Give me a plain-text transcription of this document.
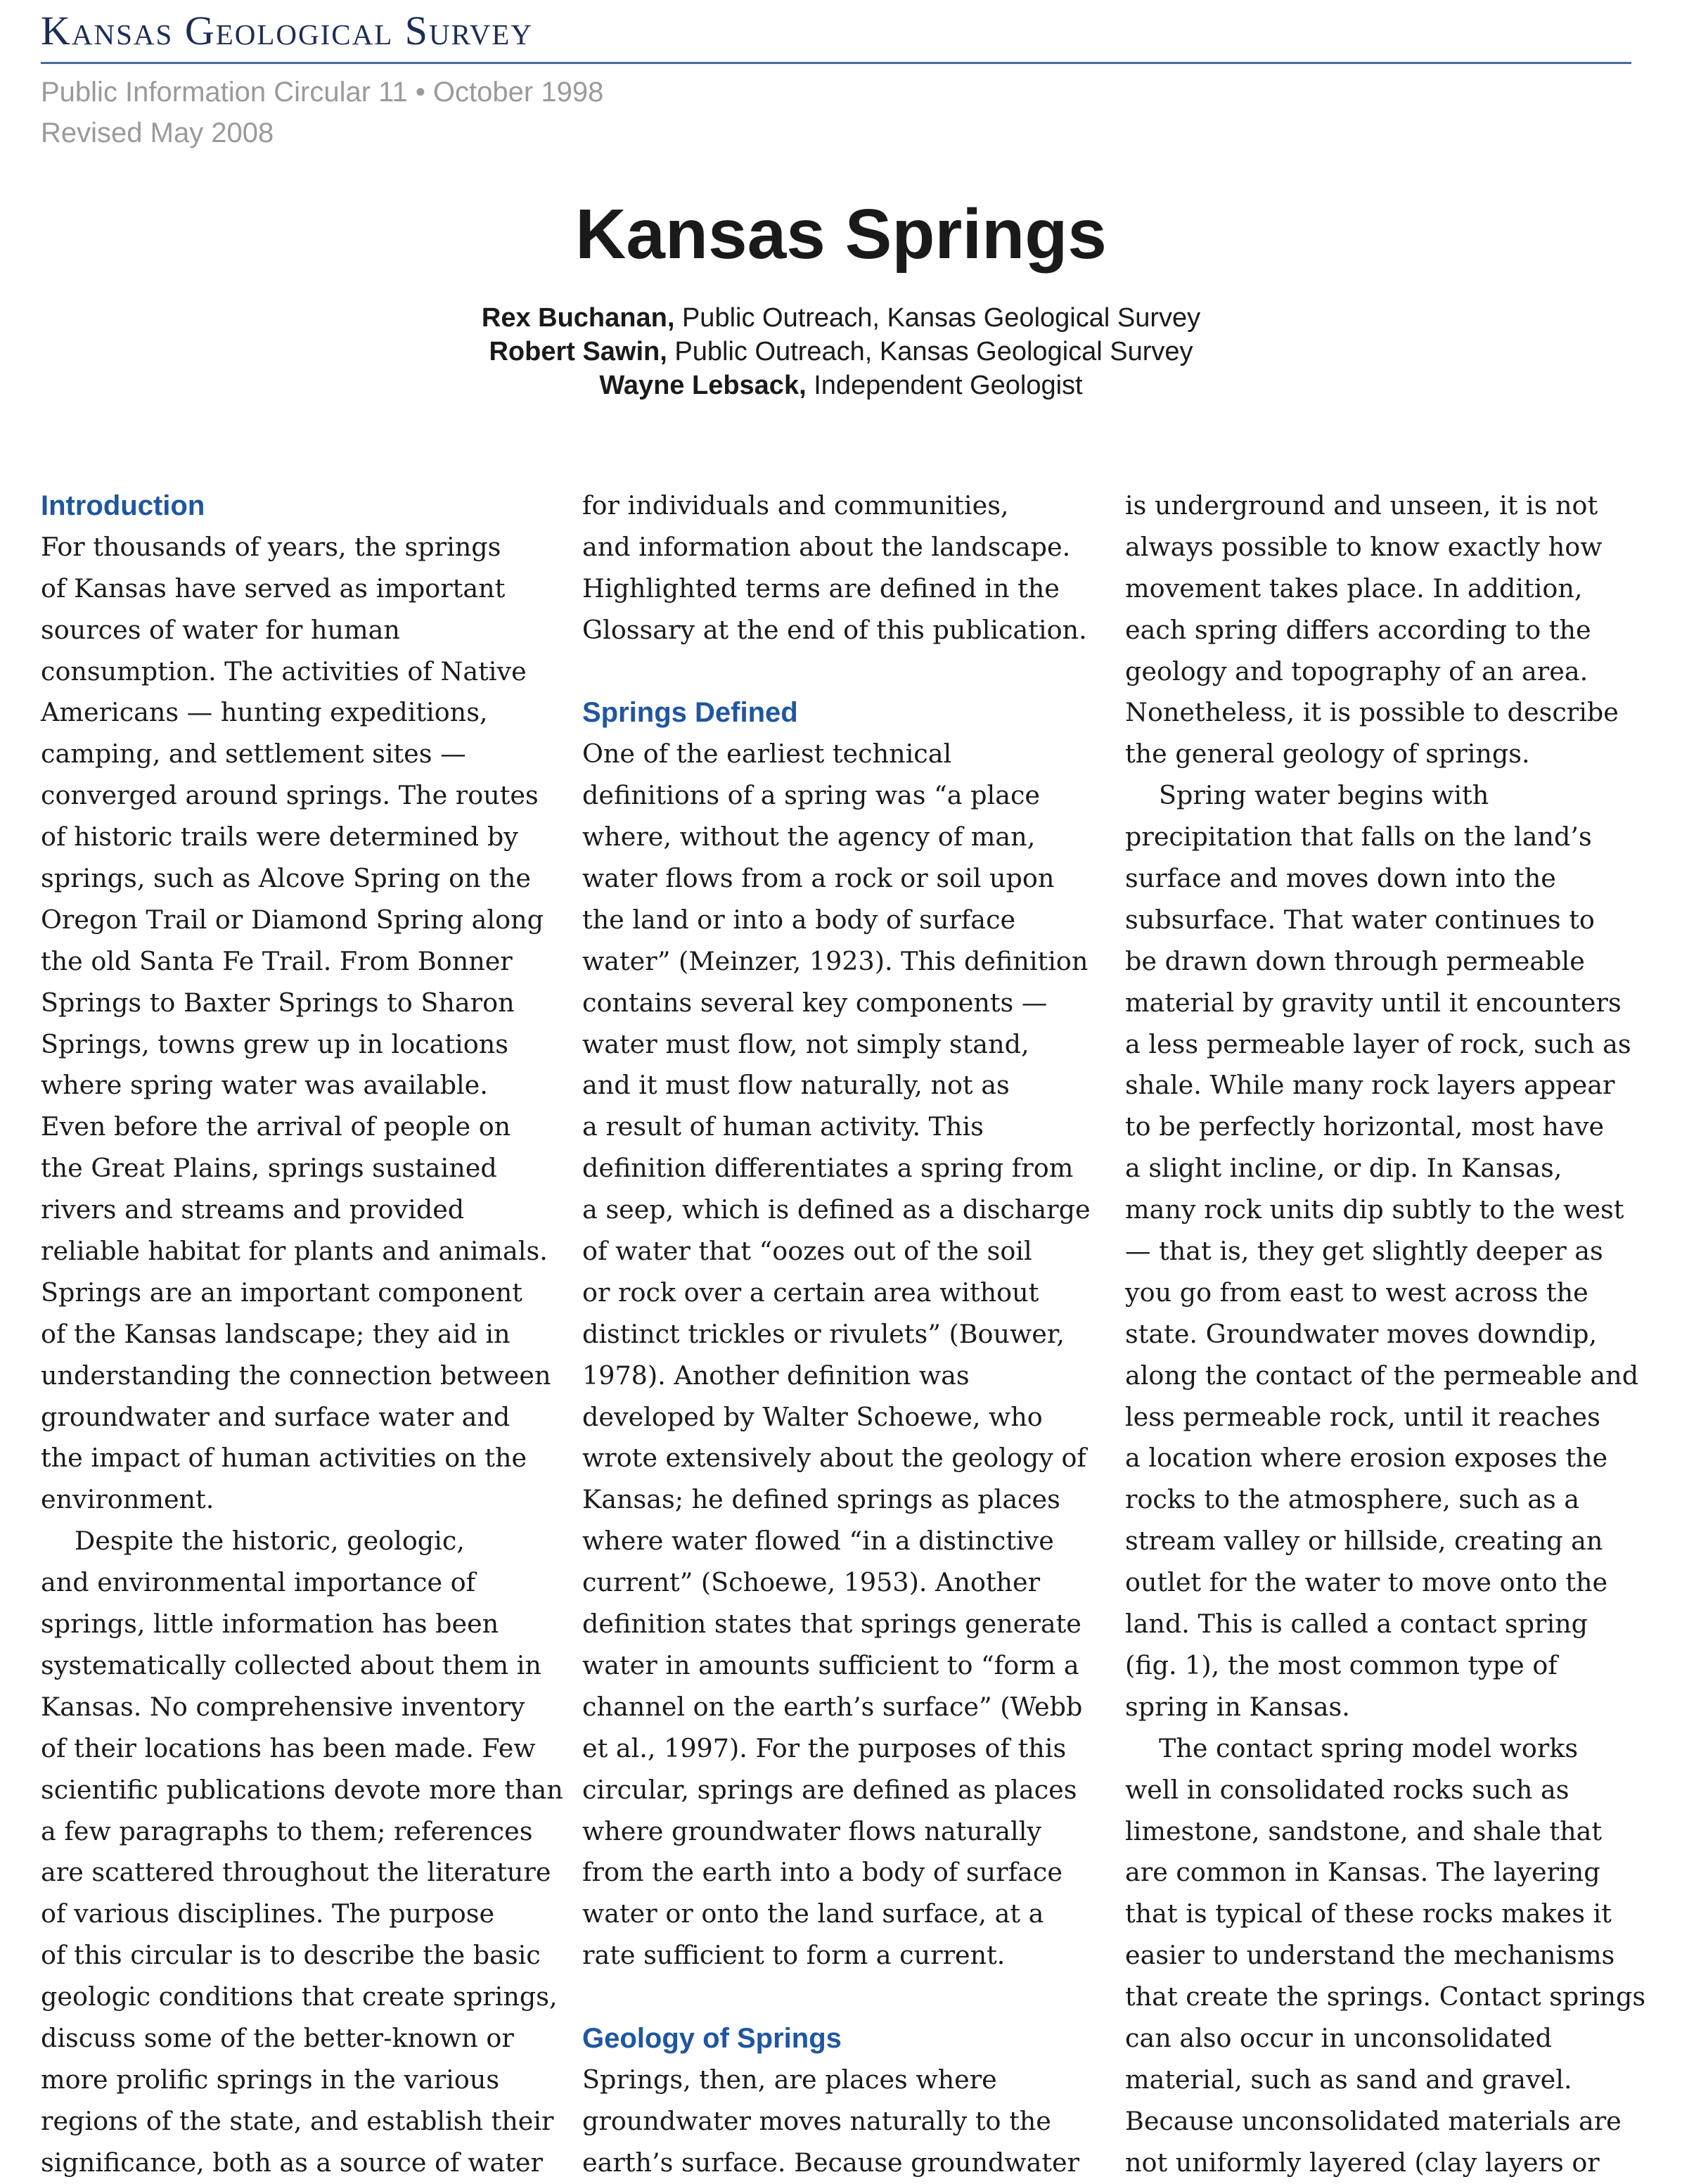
Kansas Geological Survey
Public Information Circular 11 • October 1998
Revised May 2008
Kansas Springs
Rex Buchanan, Public Outreach, Kansas Geological Survey
Robert Sawin, Public Outreach, Kansas Geological Survey
Wayne Lebsack, Independent Geologist
Introduction
For thousands of years, the springs
of Kansas have served as important
sources of water for human
consumption. The activities of Native
Americans — hunting expeditions,
camping, and settlement sites —
converged around springs. The routes
of historic trails were determined by
springs, such as Alcove Spring on the
Oregon Trail or Diamond Spring along
the old Santa Fe Trail. From Bonner
Springs to Baxter Springs to Sharon
Springs, towns grew up in locations
where spring water was available.
Even before the arrival of people on
the Great Plains, springs sustained
rivers and streams and provided
reliable habitat for plants and animals.
Springs are an important component
of the Kansas landscape; they aid in
understanding the connection between
groundwater and surface water and
the impact of human activities on the
environment.
Despite the historic, geologic,
and environmental importance of
springs, little information has been
systematically collected about them in
Kansas. No comprehensive inventory
of their locations has been made. Few
scientific publications devote more than
a few paragraphs to them; references
are scattered throughout the literature
of various disciplines. The purpose
of this circular is to describe the basic
geologic conditions that create springs,
discuss some of the better-known or
more prolific springs in the various
regions of the state, and establish their
significance, both as a source of water
for individuals and communities,
and information about the landscape.
Highlighted terms are defined in the
Glossary at the end of this publication.
Springs Defined
One of the earliest technical
definitions of a spring was “a place
where, without the agency of man,
water flows from a rock or soil upon
the land or into a body of surface
water” (Meinzer, 1923). This definition
contains several key components —
water must flow, not simply stand,
and it must flow naturally, not as
a result of human activity. This
definition differentiates a spring from
a seep, which is defined as a discharge
of water that “oozes out of the soil
or rock over a certain area without
distinct trickles or rivulets” (Bouwer,
1978). Another definition was
developed by Walter Schoewe, who
wrote extensively about the geology of
Kansas; he defined springs as places
where water flowed “in a distinctive
current” (Schoewe, 1953). Another
definition states that springs generate
water in amounts sufficient to “form a
channel on the earth’s surface” (Webb
et al., 1997). For the purposes of this
circular, springs are defined as places
where groundwater flows naturally
from the earth into a body of surface
water or onto the land surface, at a
rate sufficient to form a current.
Geology of Springs
Springs, then, are places where
groundwater moves naturally to the
earth’s surface. Because groundwater
is underground and unseen, it is not
always possible to know exactly how
movement takes place. In addition,
each spring differs according to the
geology and topography of an area.
Nonetheless, it is possible to describe
the general geology of springs.
Spring water begins with
precipitation that falls on the land’s
surface and moves down into the
subsurface. That water continues to
be drawn down through permeable
material by gravity until it encounters
a less permeable layer of rock, such as
shale. While many rock layers appear
to be perfectly horizontal, most have
a slight incline, or dip. In Kansas,
many rock units dip subtly to the west
— that is, they get slightly deeper as
you go from east to west across the
state. Groundwater moves downdip,
along the contact of the permeable and
less permeable rock, until it reaches
a location where erosion exposes the
rocks to the atmosphere, such as a
stream valley or hillside, creating an
outlet for the water to move onto the
land. This is called a contact spring
(fig. 1), the most common type of
spring in Kansas.
The contact spring model works
well in consolidated rocks such as
limestone, sandstone, and shale that
are common in Kansas. The layering
that is typical of these rocks makes it
easier to understand the mechanisms
that create the springs. Contact springs
can also occur in unconsolidated
material, such as sand and gravel.
Because unconsolidated materials are
not uniformly layered (clay layers or
